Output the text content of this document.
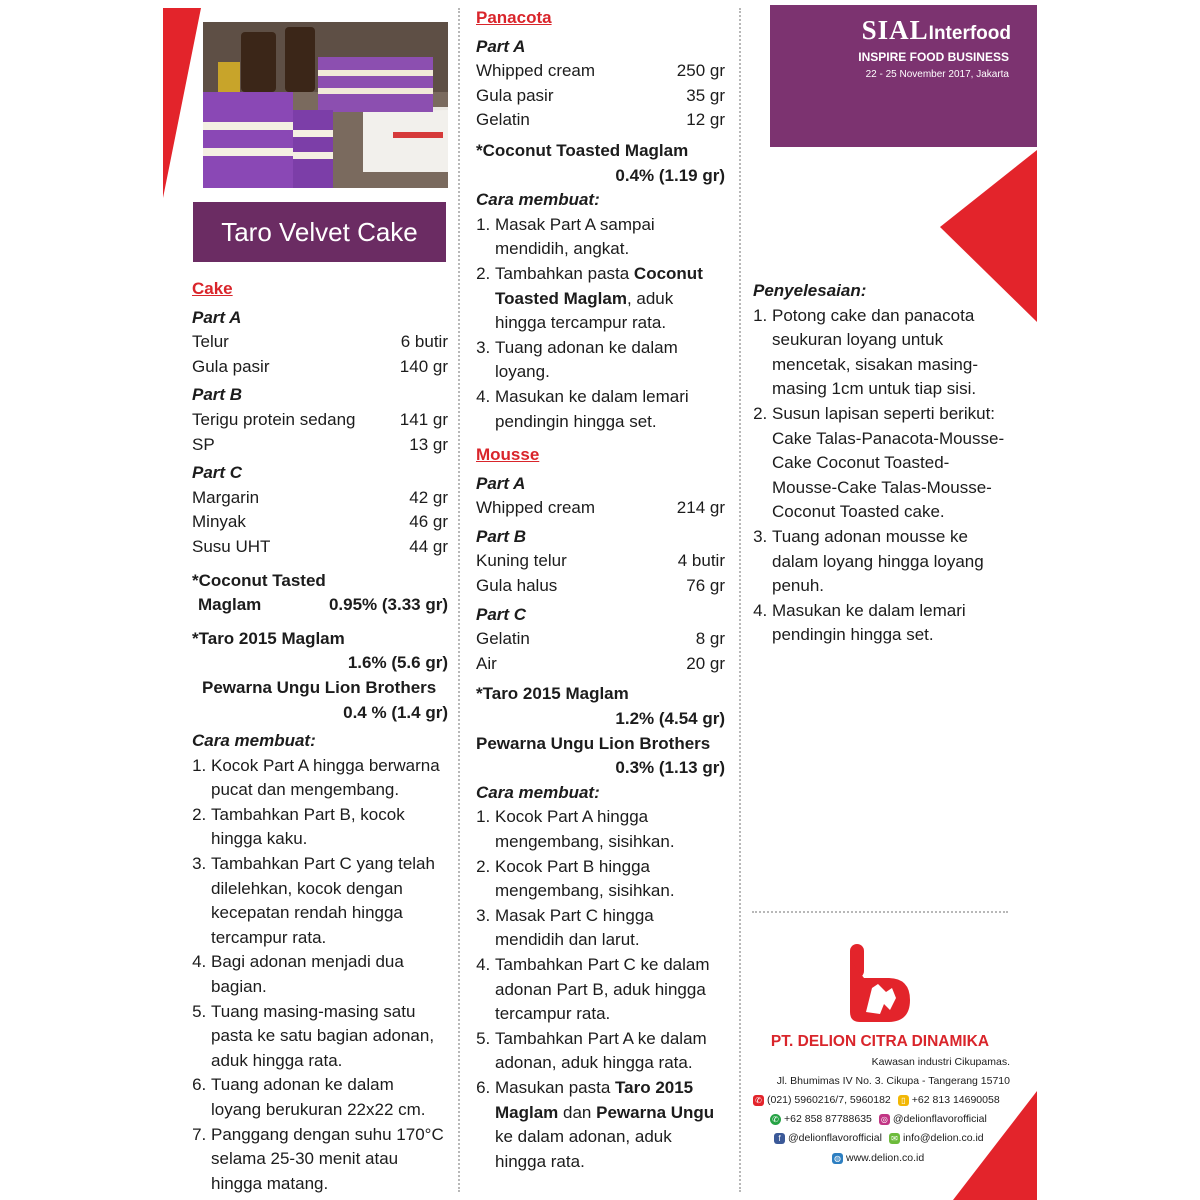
Taro Velvet Cake
Cake
Part A
Telur	6 butir
Gula pasir	140 gr
Part B
Terigu protein sedang	141 gr
SP	13 gr
Part C
Margarin	42 gr
Minyak	46 gr
Susu UHT	44 gr
*Coconut Tasted
Maglam	0.95% (3.33 gr)
*Taro 2015 Maglam
1.6% (5.6 gr)
Pewarna Ungu Lion Brothers
0.4 % (1.4 gr)
Cara membuat:
1. Kocok Part A hingga berwarna pucat dan mengembang.
2. Tambahkan Part B, kocok hingga kaku.
3. Tambahkan Part C yang telah dilelehkan, kocok dengan kecepatan rendah hingga tercampur rata.
4. Bagi adonan menjadi dua bagian.
5. Tuang masing-masing satu pasta ke satu bagian adonan, aduk hingga rata.
6. Tuang adonan ke dalam loyang berukuran 22x22 cm.
7. Panggang dengan suhu 170°C selama 25-30 menit atau hingga matang.
Panacota
Part A
Whipped cream	250 gr
Gula pasir	35 gr
Gelatin	12 gr
*Coconut Toasted Maglam
0.4% (1.19 gr)
Cara membuat:
1. Masak Part A sampai mendidih, angkat.
2. Tambahkan pasta Coconut Toasted Maglam, aduk hingga tercampur rata.
3. Tuang adonan ke dalam loyang.
4. Masukan ke dalam lemari pendingin hingga set.
Mousse
Part A
Whipped cream	214 gr
Part B
Kuning telur	4 butir
Gula halus	76 gr
Part C
Gelatin	8 gr
Air	20 gr
*Taro 2015 Maglam
1.2% (4.54 gr)
Pewarna Ungu Lion Brothers
0.3% (1.13 gr)
Cara membuat:
1. Kocok Part A hingga mengembang, sisihkan.
2. Kocok Part B hingga mengembang, sisihkan.
3. Masak Part C hingga mendidih dan larut.
4. Tambahkan Part C ke dalam adonan Part B, aduk hingga tercampur rata.
5. Tambahkan Part A ke dalam adonan, aduk hingga rata.
6. Masukan pasta Taro 2015 Maglam dan Pewarna Ungu ke dalam adonan, aduk hingga rata.
SIALInterfood
INSPIRE FOOD BUSINESS
22 - 25 November 2017, Jakarta
Penyelesaian:
1. Potong cake dan panacota seukuran loyang untuk mencetak, sisakan masing-masing 1cm untuk tiap sisi.
2. Susun lapisan seperti berikut: Cake Talas-Panacota-Mousse-Cake Coconut Toasted-Mousse-Cake Talas-Mousse-Coconut Toasted cake.
3. Tuang adonan mousse ke dalam loyang hingga loyang penuh.
4. Masukan ke dalam lemari pendingin hingga set.
PT. DELION CITRA DINAMIKA
Kawasan industri Cikupamas.
Jl. Bhumimas IV No. 3. Cikupa - Tangerang 15710
✆ (021) 5960216/7, 5960182	▯ +62 813 14690058
✆ +62 858 87788635 ◎ @delionflavorofficial
f @delionflavorofficial ✉ info@delion.co.id
◍ www.delion.co.id
